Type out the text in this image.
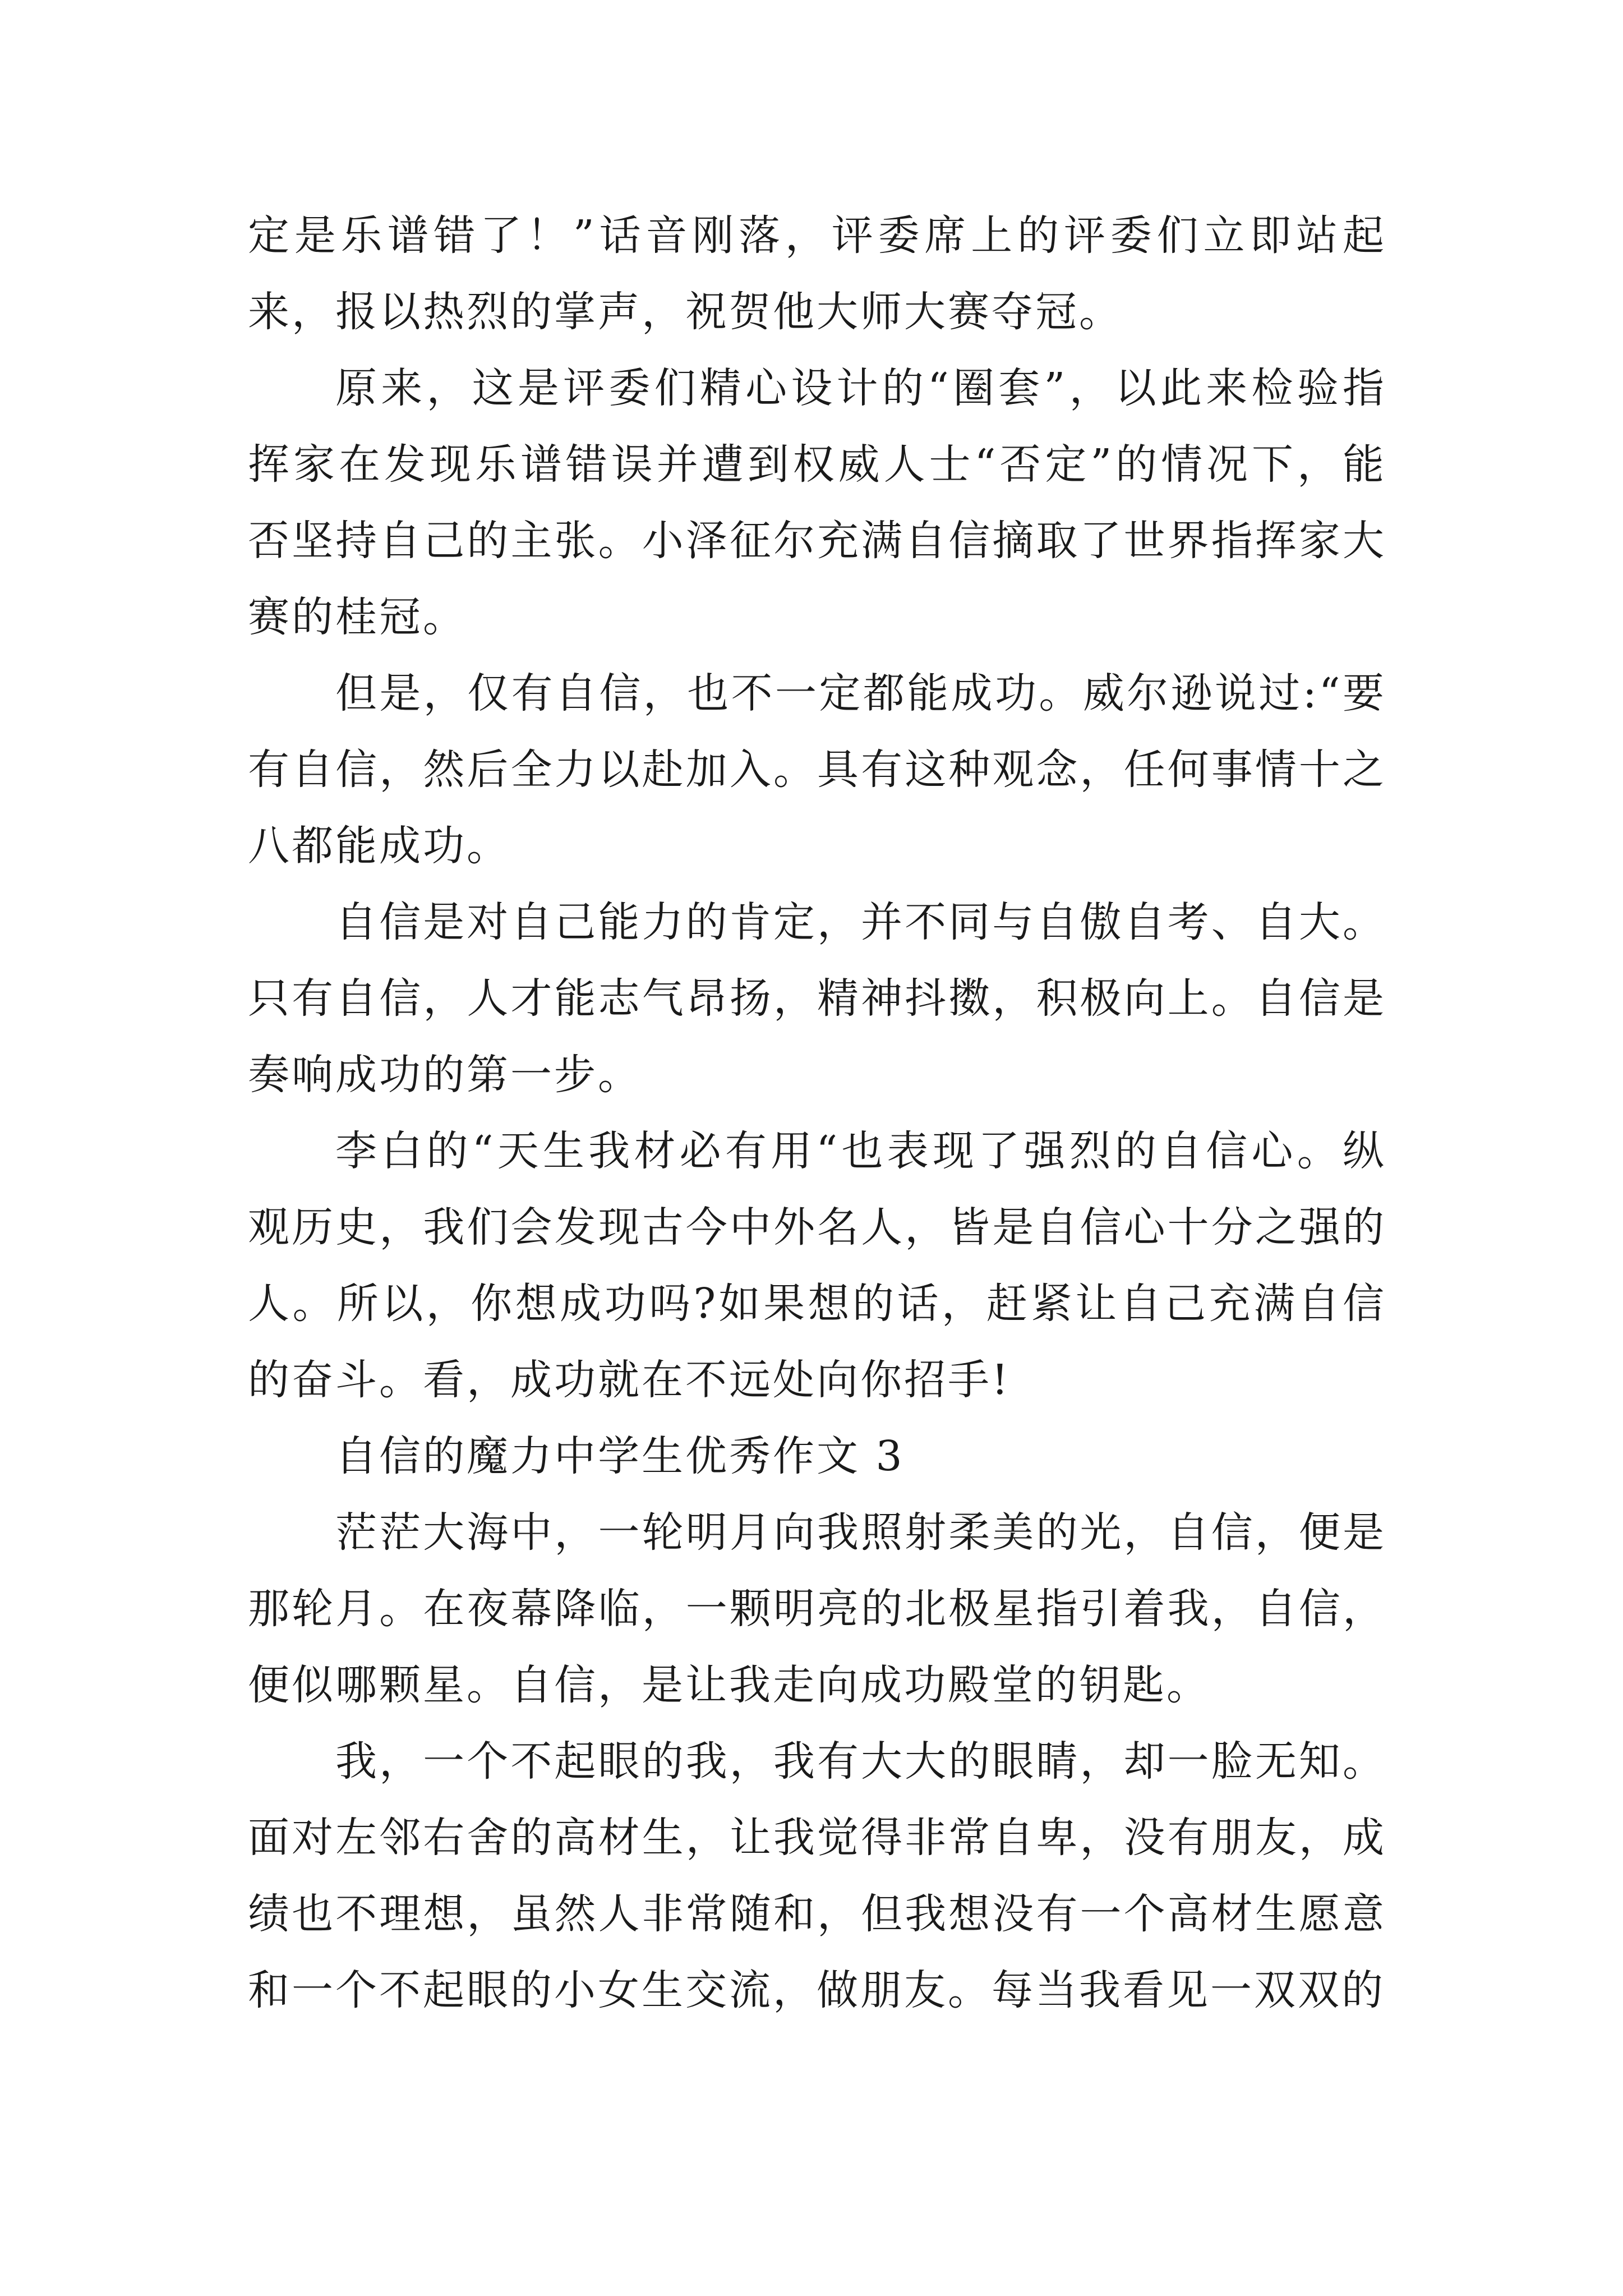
定是乐谱错了！”话音刚落，评委席上的评委们立即站起来，报以热烈的掌声，祝贺他大师大赛夺冠。

原来，这是评委们精心设计的“圈套”，以此来检验指挥家在发现乐谱错误并遭到权威人士“否定”的情况下，能否坚持自己的主张。小泽征尔充满自信摘取了世界指挥家大赛的桂冠。

但是，仅有自信，也不一定都能成功。威尔逊说过:“要有自信，然后全力以赴加入。具有这种观念，任何事情十之八都能成功。

自信是对自己能力的肯定，并不同与自傲自考、自大。只有自信，人才能志气昂扬，精神抖擞，积极向上。自信是奏响成功的第一步。

李白的“天生我材必有用“也表现了强烈的自信心。纵观历史，我们会发现古今中外名人，皆是自信心十分之强的人。所以，你想成功吗?如果想的话，赶紧让自己充满自信的奋斗。看，成功就在不远处向你招手!

自信的魔力中学生优秀作文 3

茫茫大海中，一轮明月向我照射柔美的光，自信，便是那轮月。在夜幕降临，一颗明亮的北极星指引着我，自信，便似哪颗星。自信，是让我走向成功殿堂的钥匙。

我，一个不起眼的我，我有大大的眼睛，却一脸无知。面对左邻右舍的高材生，让我觉得非常自卑，没有朋友，成绩也不理想，虽然人非常随和，但我想没有一个高材生愿意和一个不起眼的小女生交流，做朋友。每当我看见一双双的
